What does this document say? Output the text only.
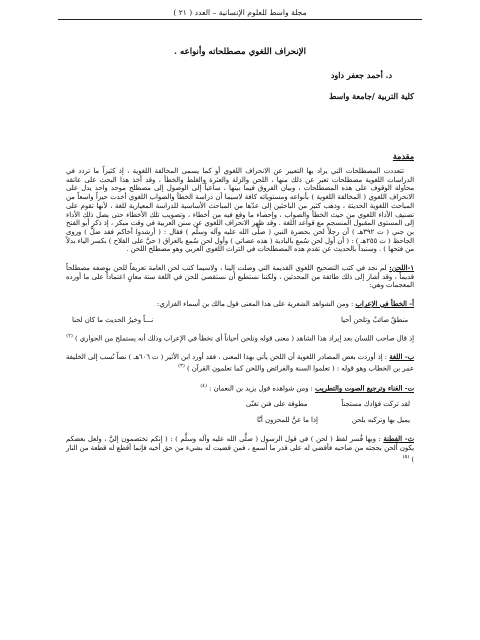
مجلة واسط للعلوم الإنسانية – العدد ( ٢١ )
الإنحراف اللغوي مصطلحاته وأنواعه .
د. أحمد جعفر داود
كلية التربية /جامعة واسط
مقدمة

تتعددت المصطلحات التي يراد بها التعبير عن الانحراف اللغوي أو كما يسمى المخالفة اللغوية ، إذ كثيراً ما تردد في الدراسات اللغوية مصطلحات تعبر عن ذلك منها ، اللحن والزلة والعثرة والغلط والخطأ ، وقد أخذ هذا البحث على عاتقه محاولة الوقوف على هذه المصطلحات ، وبيان الفروق فيما بينها ، ساعياً إلى الوصول إلى مصطلح موحد واحد يدل على الانحراف اللغوي ( المخالفة اللغوية ) بأنواعه ومستوياته كافة لاسيما أن دراسة الخطأ والصواب اللغوي أخذت حيزاً واسعاً من المباحث اللغوية الحديثة ، وذهب كثير من الباحثين إلى عدّها من المباحث الأساسية للدراسة المعيارية للغة ، لأنها تقوم على تصنيف الأداء اللغوي من حيث الخطأ والصواب ، وإحصاء ما وقع فيه من أخطاء ، وتصويب تلك الأخطاء حتى يصل ذلك الأداء إلى المستوى المقبول المنسجم مع قواعد اللغة . وقد ظهر الانحراف اللغوي عن سنن العربية في وقت مبكر ، إذ ذكر أبو الفتح بن جني ( ت ٣٩٢هـ ) أن رجلاً لحن بحضرة النبي ( صلَّى الله عليه وآله وسلَّم ) فقال : ( أرشدوا أخاكم فقد ضلَّ ) وروى الجاحظ ( ت ٢٥٥هـ ) : ( أن أول لحن سُمع بالبادية ( هذه عصاتي ) وأول لحن سُمع بالعراق ( حيَّ على الفلاح ) بكسر الياء بدلاً من فتحها ) . وسنبدأ بالحديث عن تقدم هذه المصطلحات في التراث اللغوي العربي وهو مصطلح اللحن .

١-اللحن: لم نجد في كتب التصحيح اللغوي القديمة التي وصلت إلينا ، ولاسيما كتب لحن العامة تعريفاً للحن بوصفه مصطلحاً قديماً ، وقد أشار إلى ذلك طائفة من المحدثين ، ولكننا نستطيع أن نستقصي للحن في اللغة ستة معانٍ اعتماداً على ما أورده المعجمات وهي:

أ- الخطأ في الإعراب : ومن الشواهد الشعرية على هذا المعنى قول مالك بن أسماء الفزاري:

منطقٌ صائبٌ وتلحن أحيا
نـــاً وخيرُ الحديث ما كان لحنا

إذ قال صاحب اللسان بعد إيراد هذا الشاهد ( معنى قوله وتلحن أحياناً أي تخطأ في الإعراب وذلك أنه يستملح من الجواري ) $^{(٢)}$

ب- اللغة : إذ أوردت بعض المصادر اللغوية أن اللحن يأتي بهذا المعنى ، فقد أورد ابن الأثير ( ت ٦٠٦هـ ) نصاً نُسب إلى الخليفة عمر بن الخطاب وهو قوله : ( تعلموا السنة والفرائض واللحن كما تعلمون القرآن ) $^{(٣)}$

ت- الغناء وترجيع الصوت والتطريب : ومن شواهده قول يزيد بن النعمان : $^{(٤)}$

لقد تركت فؤادك مستجناً
مطوقة على فنن تغنّى
يميل بها وتركبه بلحن
إذا ما عنَّ للمحزون أنّا

ث- الفطنة : وبها فُسر لفظ ( لحن ) في قول الرسول ( صلَّى الله عليه وآله وسلَّم ) : ( إنكم تختصمون إليَّ ، ولعل بعضكم يكون ألحن بحجته من صاحبه فأقضي له على قدر ما أسمع ، فمن قضيت له بشيء من حق أخيه فإنما أقطع له قطعة من النار ) $^{(٥)}$
